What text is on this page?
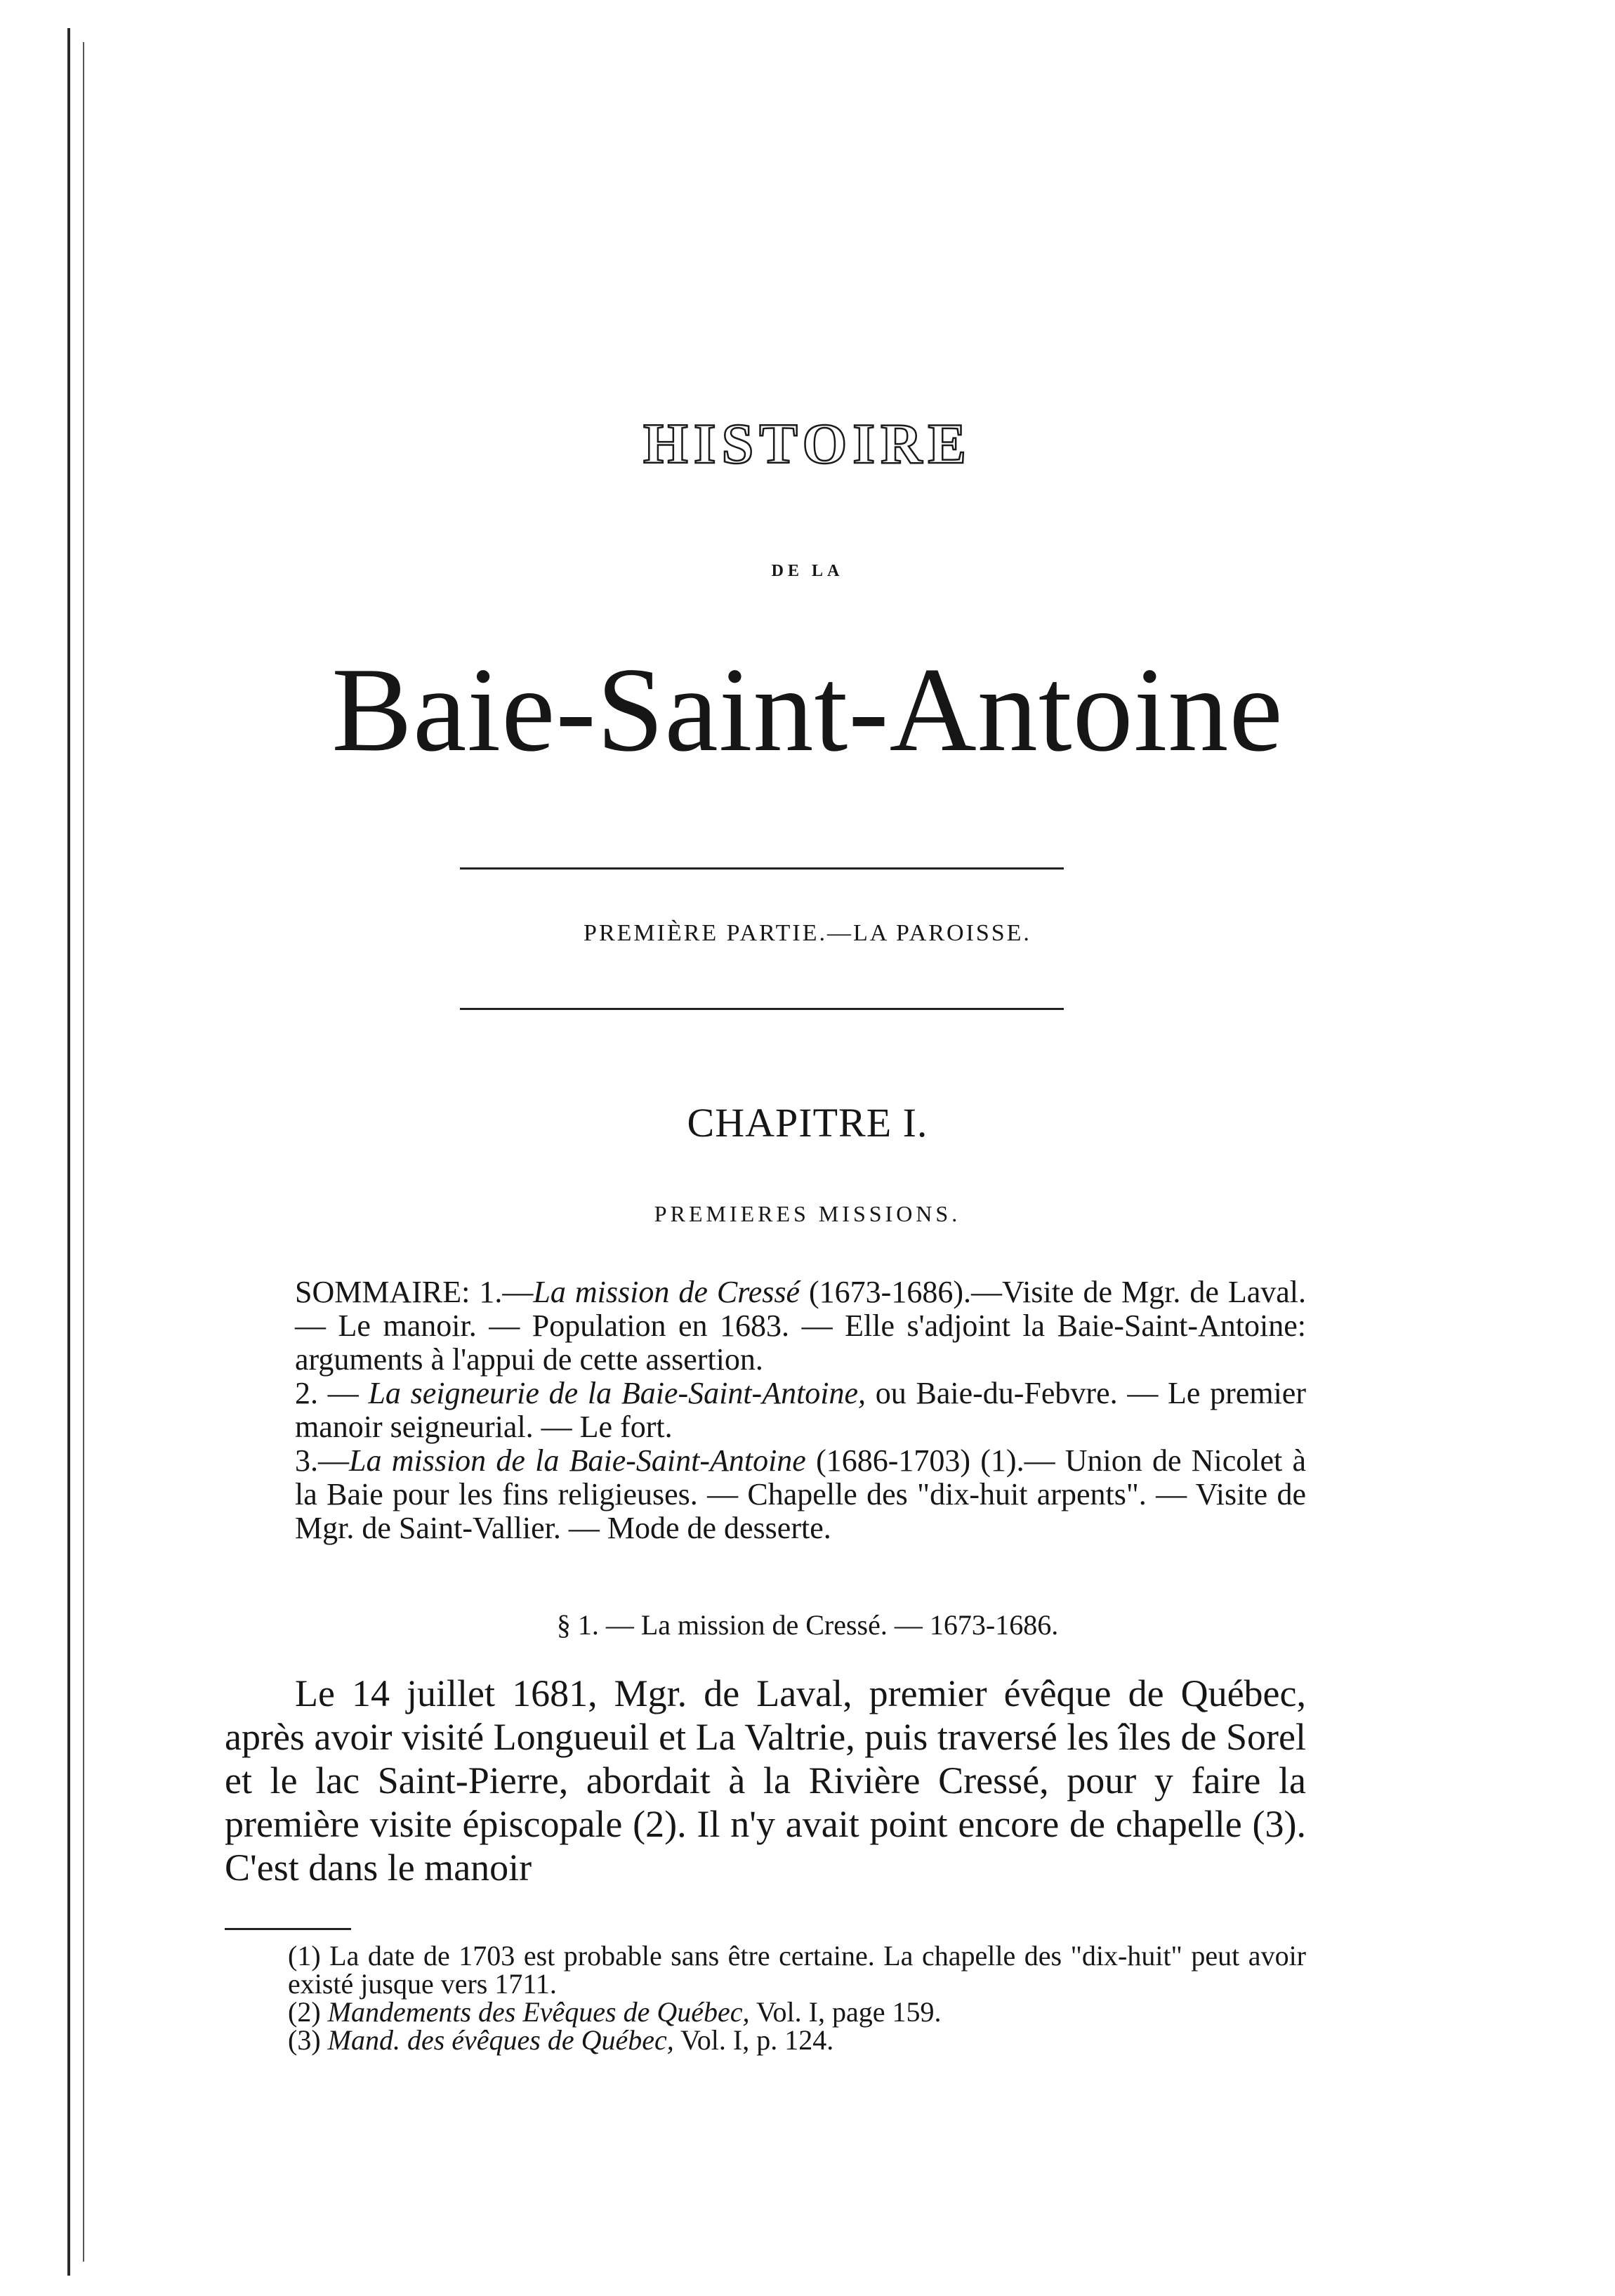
HISTOIRE
DE LA
Baie-Saint-Antoine
PREMIÈRE PARTIE.—LA PAROISSE.
CHAPITRE I.
PREMIERES MISSIONS.

SOMMAIRE: 1.—La mission de Cressé (1673-1686).—Visite de Mgr. de Laval. — Le manoir. — Population en 1683. — Elle s'adjoint la Baie-Saint-Antoine: arguments à l'appui de cette assertion.

2. — La seigneurie de la Baie-Saint-Antoine, ou Baie-du-Febvre. — Le premier manoir seigneurial. — Le fort.

3.—La mission de la Baie-Saint-Antoine (1686-1703) (1).— Union de Nicolet à la Baie pour les fins religieuses. — Chapelle des "dix-huit arpents". — Visite de Mgr. de Saint-Vallier. — Mode de desserte.

§ 1. — La mission de Cressé. — 1673-1686.

Le 14 juillet 1681, Mgr. de Laval, premier évêque de Québec, après avoir visité Longueuil et La Valtrie, puis traversé les îles de Sorel et le lac Saint-Pierre, abordait à la Rivière Cressé, pour y faire la première visite épiscopale (2). Il n'y avait point encore de chapelle (3). C'est dans le manoir

(1) La date de 1703 est probable sans être certaine. La chapelle des "dix-huit" peut avoir existé jusque vers 1711.

(2) Mandements des Evêques de Québec, Vol. I, page 159.

(3) Mand. des évêques de Québec, Vol. I, p. 124.
